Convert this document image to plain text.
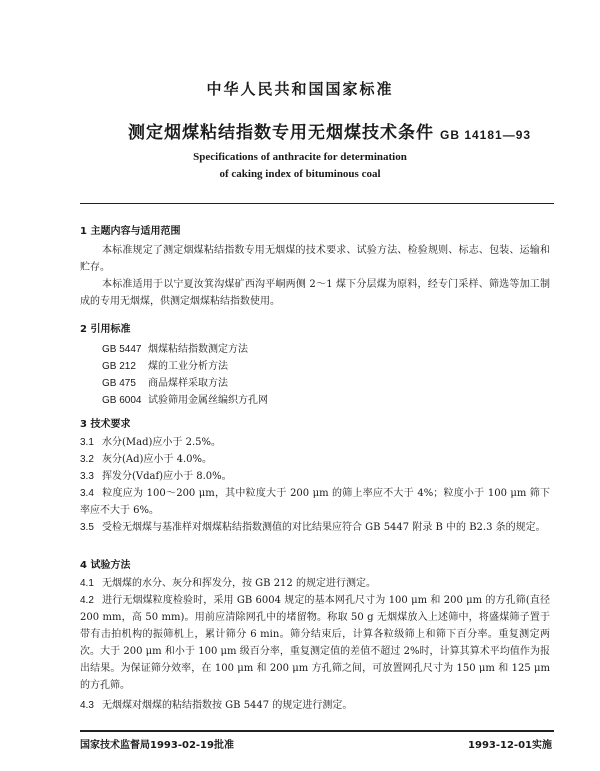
中华人民共和国国家标准
测定烟煤粘结指数专用无烟煤技术条件 GB 14181—93
Specifications of anthracite for determination
of caking index of bituminous coal
1 主题内容与适用范围
本标准规定了测定烟煤粘结指数专用无烟煤的技术要求、试验方法、检验规则、标志、包装、运输和贮存。
本标准适用于以宁夏汝箕沟煤矿西沟平峒两侧 2～1 煤下分层煤为原料，经专门采样、筛选等加工制成的专用无烟煤，供测定烟煤粘结指数使用。
2 引用标准
GB 5447 烟煤粘结指数测定方法
GB 212 煤的工业分析方法
GB 475 商品煤样采取方法
GB 6004 试验筛用金属丝编织方孔网
3 技术要求
3.1 水分(Mad)应小于 2.5%。
3.2 灰分(Ad)应小于 4.0%。
3.3 挥发分(Vdaf)应小于 8.0%。
3.4 粒度应为 100～200 μm，其中粒度大于 200 μm 的筛上率应不大于 4%；粒度小于 100 μm 筛下率应不大于 6%。
3.5 受检无烟煤与基准样对烟煤粘结指数测值的对比结果应符合 GB 5447 附录 B 中的 B2.3 条的规定。
4 试验方法
4.1 无烟煤的水分、灰分和挥发分，按 GB 212 的规定进行测定。
4.2 进行无烟煤粒度检验时，采用 GB 6004 规定的基本网孔尺寸为 100 μm 和 200 μm 的方孔筛(直径 200 mm，高 50 mm)。用前应清除网孔中的堵留物。称取 50 g 无烟煤放入上述筛中，将盛煤筛子置于带有击拍机构的振筛机上，累计筛分 6 min。筛分结束后，计算各粒级筛上和筛下百分率。重复测定两次。大于 200 μm 和小于 100 μm 级百分率，重复测定值的差值不超过 2%时，计算其算术平均值作为报出结果。为保证筛分效率，在 100 μm 和 200 μm 方孔筛之间，可放置网孔尺寸为 150 μm 和 125 μm 的方孔筛。
4.3 无烟煤对烟煤的粘结指数按 GB 5447 的规定进行测定。
国家技术监督局1993-02-19批准	1993-12-01实施
